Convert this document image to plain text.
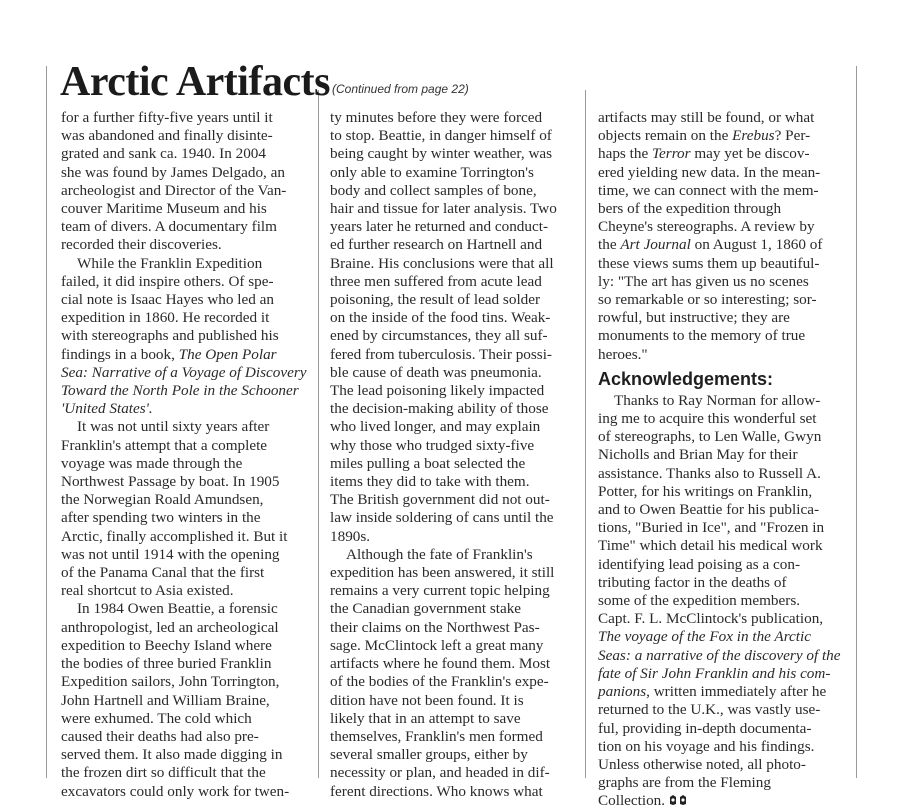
Arctic Artifacts (Continued from page 22)
for a further fifty-five years until it
was abandoned and finally disinte-
grated and sank ca. 1940. In 2004
she was found by James Delgado, an
archeologist and Director of the Van-
couver Maritime Museum and his
team of divers. A documentary film
recorded their discoveries.
While the Franklin Expedition
failed, it did inspire others. Of spe-
cial note is Isaac Hayes who led an
expedition in 1860. He recorded it
with stereographs and published his
findings in a book, The Open Polar
Sea: Narrative of a Voyage of Discovery
Toward the North Pole in the Schooner
'United States'.
It was not until sixty years after
Franklin's attempt that a complete
voyage was made through the
Northwest Passage by boat. In 1905
the Norwegian Roald Amundsen,
after spending two winters in the
Arctic, finally accomplished it. But it
was not until 1914 with the opening
of the Panama Canal that the first
real shortcut to Asia existed.
In 1984 Owen Beattie, a forensic
anthropologist, led an archeological
expedition to Beechy Island where
the bodies of three buried Franklin
Expedition sailors, John Torrington,
John Hartnell and William Braine,
were exhumed. The cold which
caused their deaths had also pre-
served them. It also made digging in
the frozen dirt so difficult that the
excavators could only work for twen-
ty minutes before they were forced
to stop. Beattie, in danger himself of
being caught by winter weather, was
only able to examine Torrington's
body and collect samples of bone,
hair and tissue for later analysis. Two
years later he returned and conduct-
ed further research on Hartnell and
Braine. His conclusions were that all
three men suffered from acute lead
poisoning, the result of lead solder
on the inside of the food tins. Weak-
ened by circumstances, they all suf-
fered from tuberculosis. Their possi-
ble cause of death was pneumonia.
The lead poisoning likely impacted
the decision-making ability of those
who lived longer, and may explain
why those who trudged sixty-five
miles pulling a boat selected the
items they did to take with them.
The British government did not out-
law inside soldering of cans until the
1890s.
Although the fate of Franklin's
expedition has been answered, it still
remains a very current topic helping
the Canadian government stake
their claims on the Northwest Pas-
sage. McClintock left a great many
artifacts where he found them. Most
of the bodies of the Franklin's expe-
dition have not been found. It is
likely that in an attempt to save
themselves, Franklin's men formed
several smaller groups, either by
necessity or plan, and headed in dif-
ferent directions. Who knows what
artifacts may still be found, or what
objects remain on the Erebus? Per-
haps the Terror may yet be discov-
ered yielding new data. In the mean-
time, we can connect with the mem-
bers of the expedition through
Cheyne's stereographs. A review by
the Art Journal on August 1, 1860 of
these views sums them up beautiful-
ly: "The art has given us no scenes
so remarkable or so interesting; sor-
rowful, but instructive; they are
monuments to the memory of true
heroes."
Acknowledgements:
Thanks to Ray Norman for allow-
ing me to acquire this wonderful set
of stereographs, to Len Walle, Gwyn
Nicholls and Brian May for their
assistance. Thanks also to Russell A.
Potter, for his writings on Franklin,
and to Owen Beattie for his publica-
tions, "Buried in Ice", and "Frozen in
Time" which detail his medical work
identifying lead poising as a con-
tributing factor in the deaths of
some of the expedition members.
Capt. F. L. McClintock's publication,
The voyage of the Fox in the Arctic
Seas: a narrative of the discovery of the
fate of Sir John Franklin and his com-
panions, written immediately after he
returned to the U.K., was vastly use-
ful, providing in-depth documenta-
tion on his voyage and his findings.
Unless otherwise noted, all photo-
graphs are from the Fleming
Collection.
